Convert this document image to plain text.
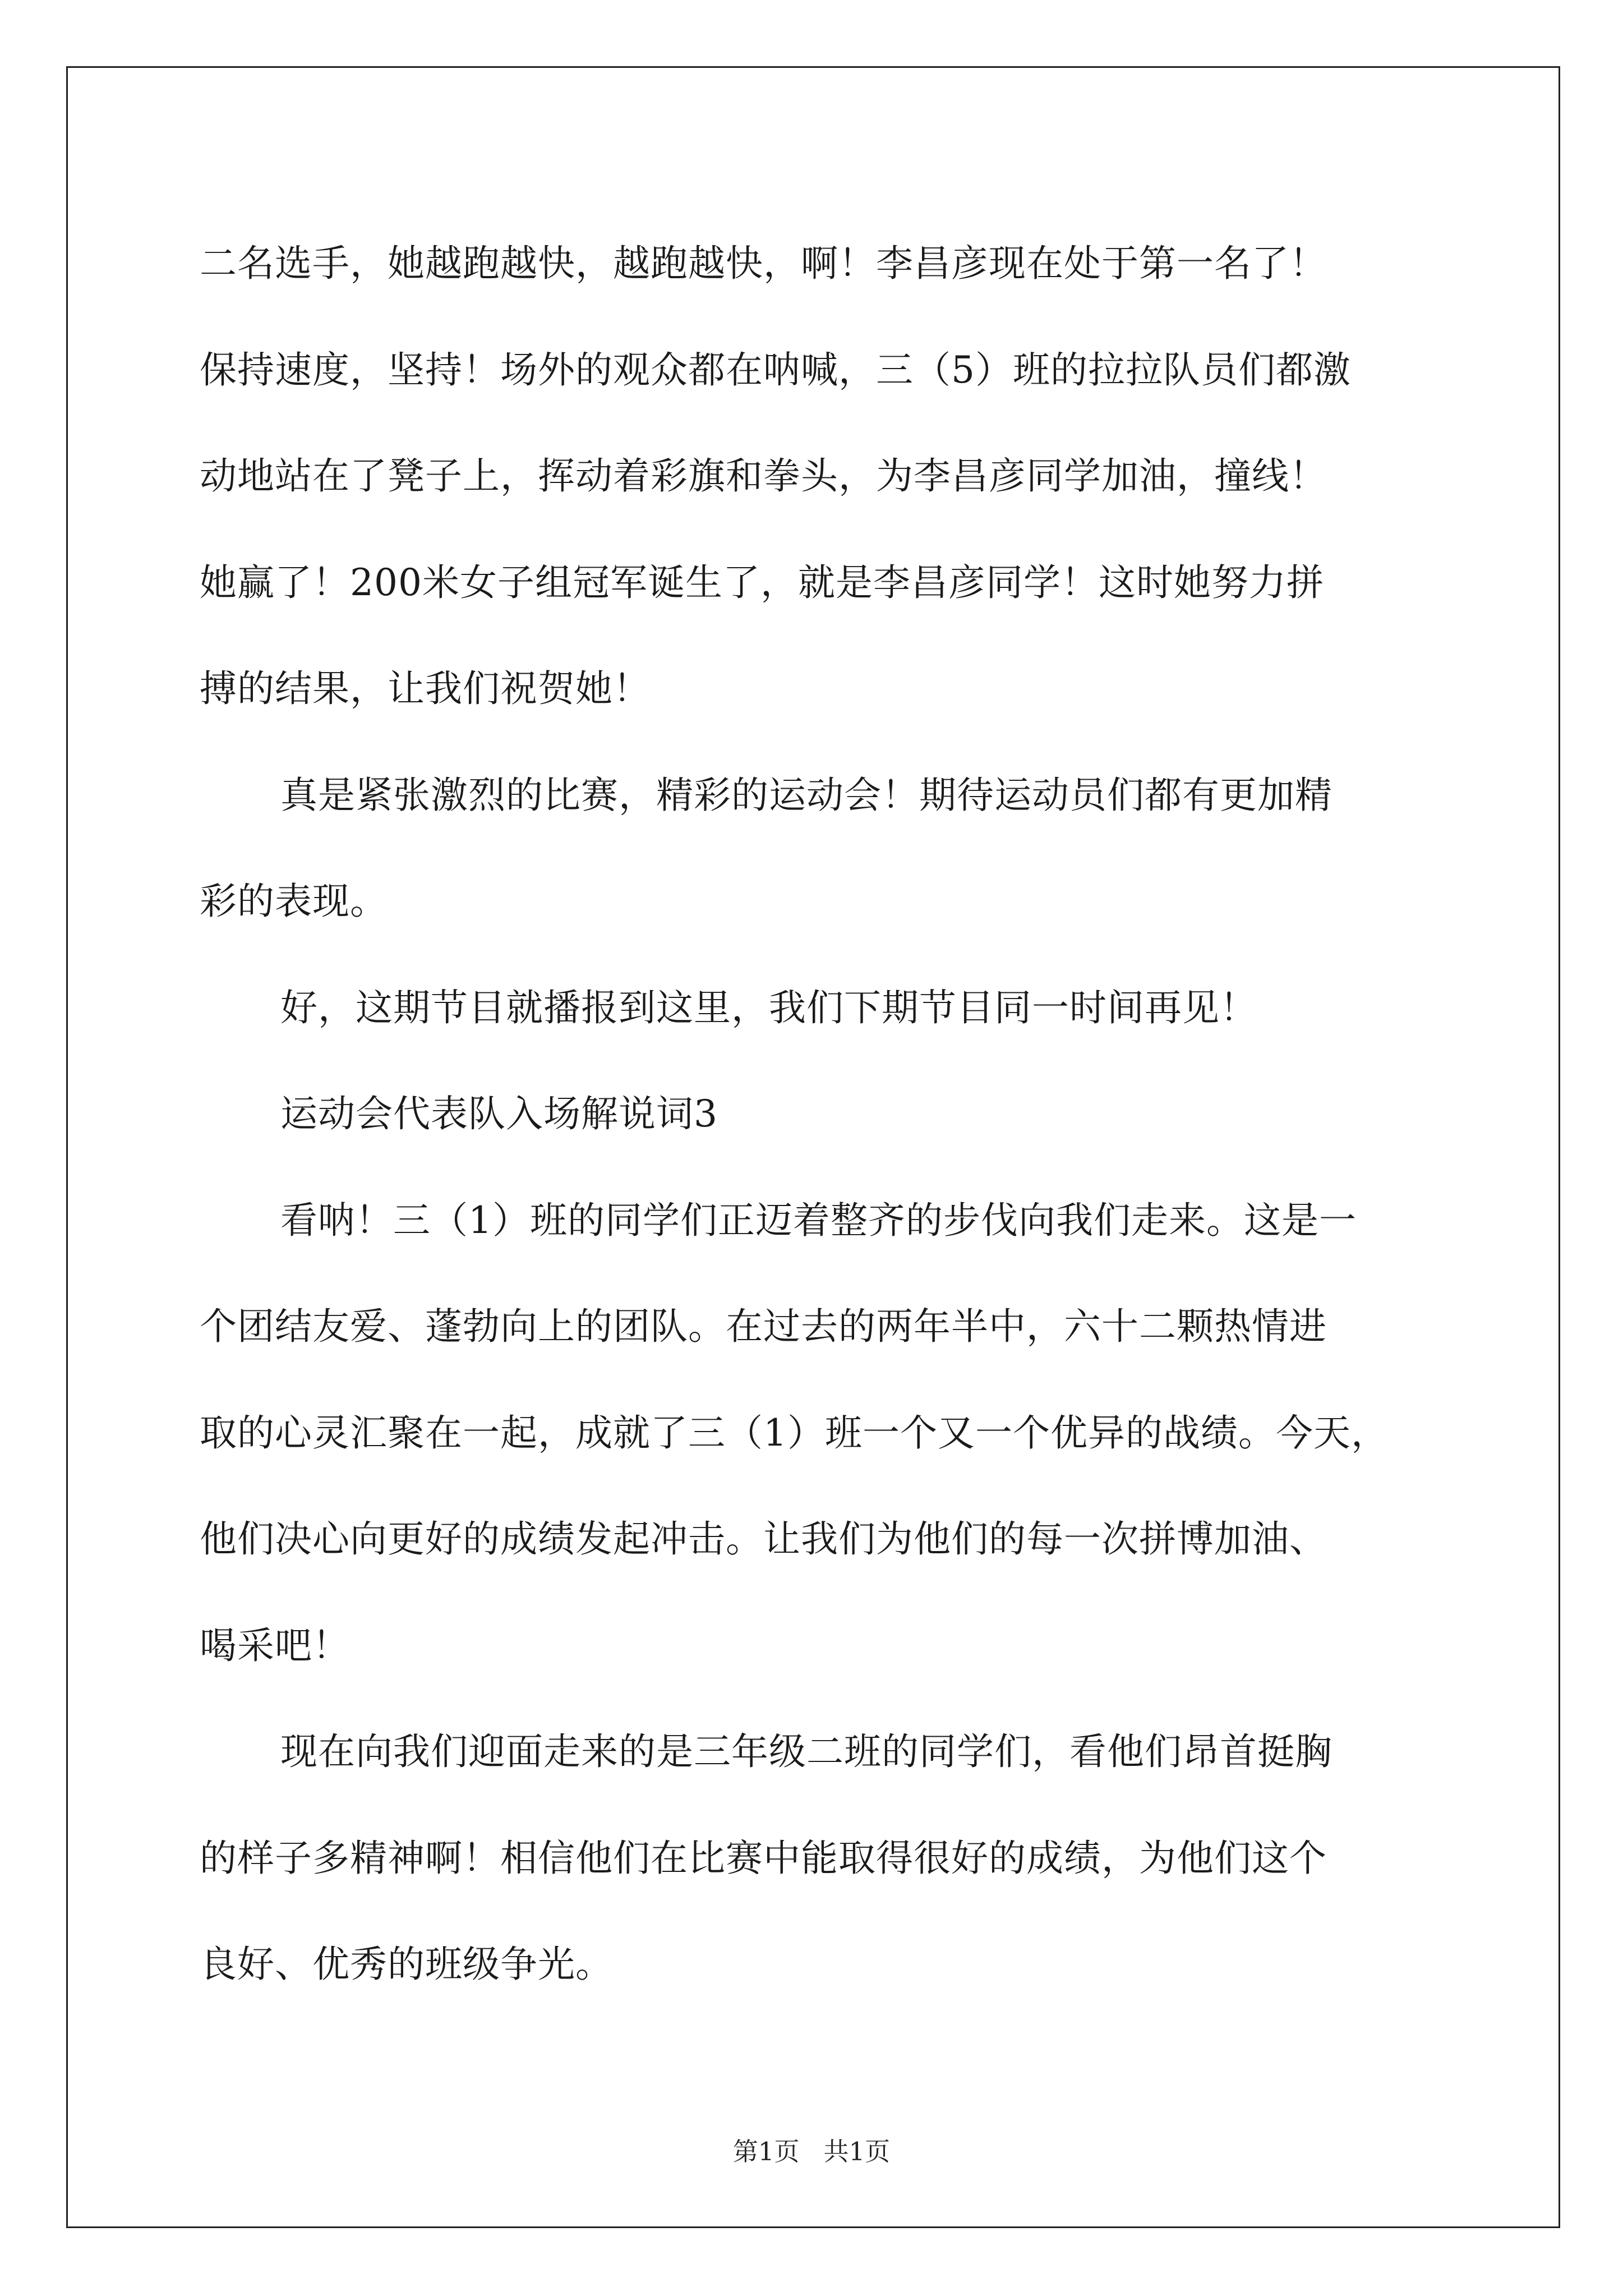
二名选手，她越跑越快，越跑越快，啊！李昌彦现在处于第一名了！
保持速度，坚持！场外的观众都在呐喊，三（5）班的拉拉队员们都激
动地站在了凳子上，挥动着彩旗和拳头，为李昌彦同学加油，撞线！
她赢了！200米女子组冠军诞生了，就是李昌彦同学！这时她努力拼
搏的结果，让我们祝贺她！
真是紧张激烈的比赛，精彩的运动会！期待运动员们都有更加精
彩的表现。
好，这期节目就播报到这里，我们下期节目同一时间再见！
运动会代表队入场解说词3
看呐！三（1）班的同学们正迈着整齐的步伐向我们走来。这是一
个团结友爱、蓬勃向上的团队。在过去的两年半中，六十二颗热情进
取的心灵汇聚在一起，成就了三（1）班一个又一个优异的战绩。今天，
他们决心向更好的成绩发起冲击。让我们为他们的每一次拼博加油、
喝采吧！
现在向我们迎面走来的是三年级二班的同学们，看他们昂首挺胸
的样子多精神啊！相信他们在比赛中能取得很好的成绩，为他们这个
良好、优秀的班级争光。
第1页 共1页
